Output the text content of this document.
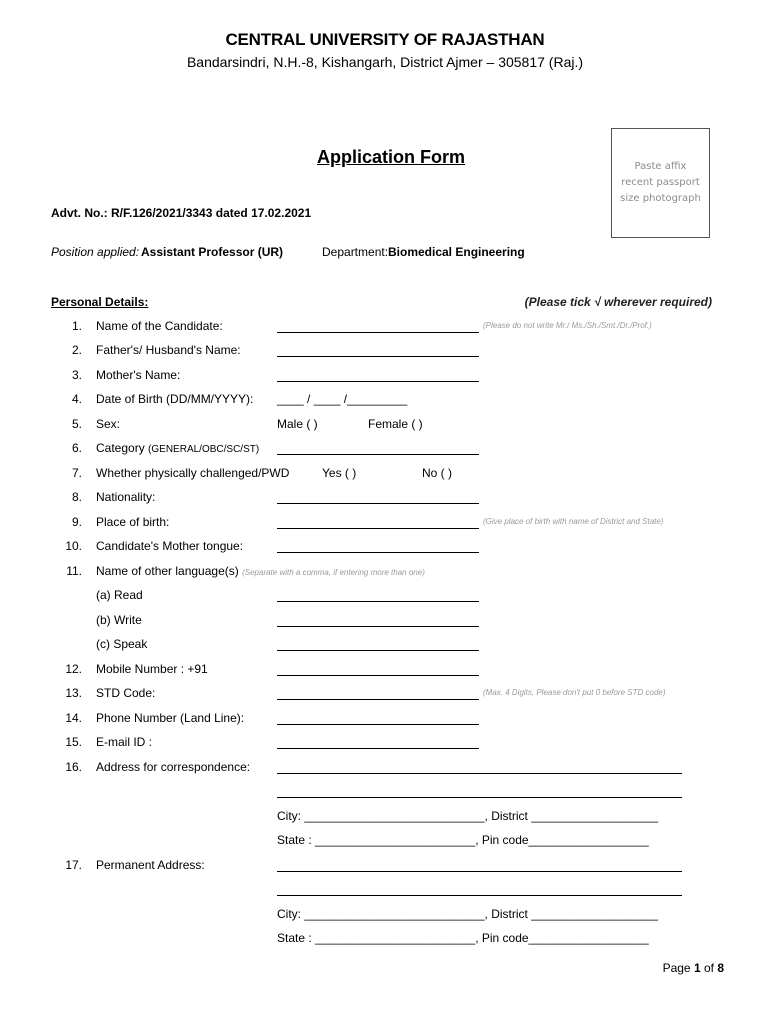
CENTRAL UNIVERSITY OF RAJASTHAN
Bandarsindri, N.H.-8, Kishangarh, District Ajmer – 305817 (Raj.)
Paste affix
recent passport
size photograph
Application Form
Advt. No.: R/F.126/2021/3343 dated 17.02.2021
Position applied: Assistant Professor (UR)	Department: Biomedical Engineering
Personal Details:	(Please tick √ wherever required)
1. Name of the Candidate:	(Please do not write Mr./ Ms./Sh./Smt./Dr./Prof.)
2. Father's/ Husband's Name:
3. Mother's Name:
4. Date of Birth (DD/MM/YYYY): ____ / ____ /_________
5. Sex:	Male ( )	Female ( )
6. Category (GENERAL/OBC/SC/ST)
7. Whether physically challenged/PWD	Yes ( )	No ( )
8. Nationality:
9. Place of birth:	(Give place of birth with name of District and State)
10. Candidate's Mother tongue:
11. Name of other language(s) (Separate with a comma, if entering more than one)
(a) Read
(b) Write
(c) Speak
12. Mobile Number : +91
13. STD Code:	(Max. 4 Digits, Please don't put 0 before STD code)
14. Phone Number (Land Line):
15. E-mail ID :
16. Address for correspondence:
City: ___________________________, District ___________________
State : ________________________, Pin code__________________
17. Permanent Address:
City: ___________________________, District ___________________
State : ________________________, Pin code__________________
Page 1 of 8
